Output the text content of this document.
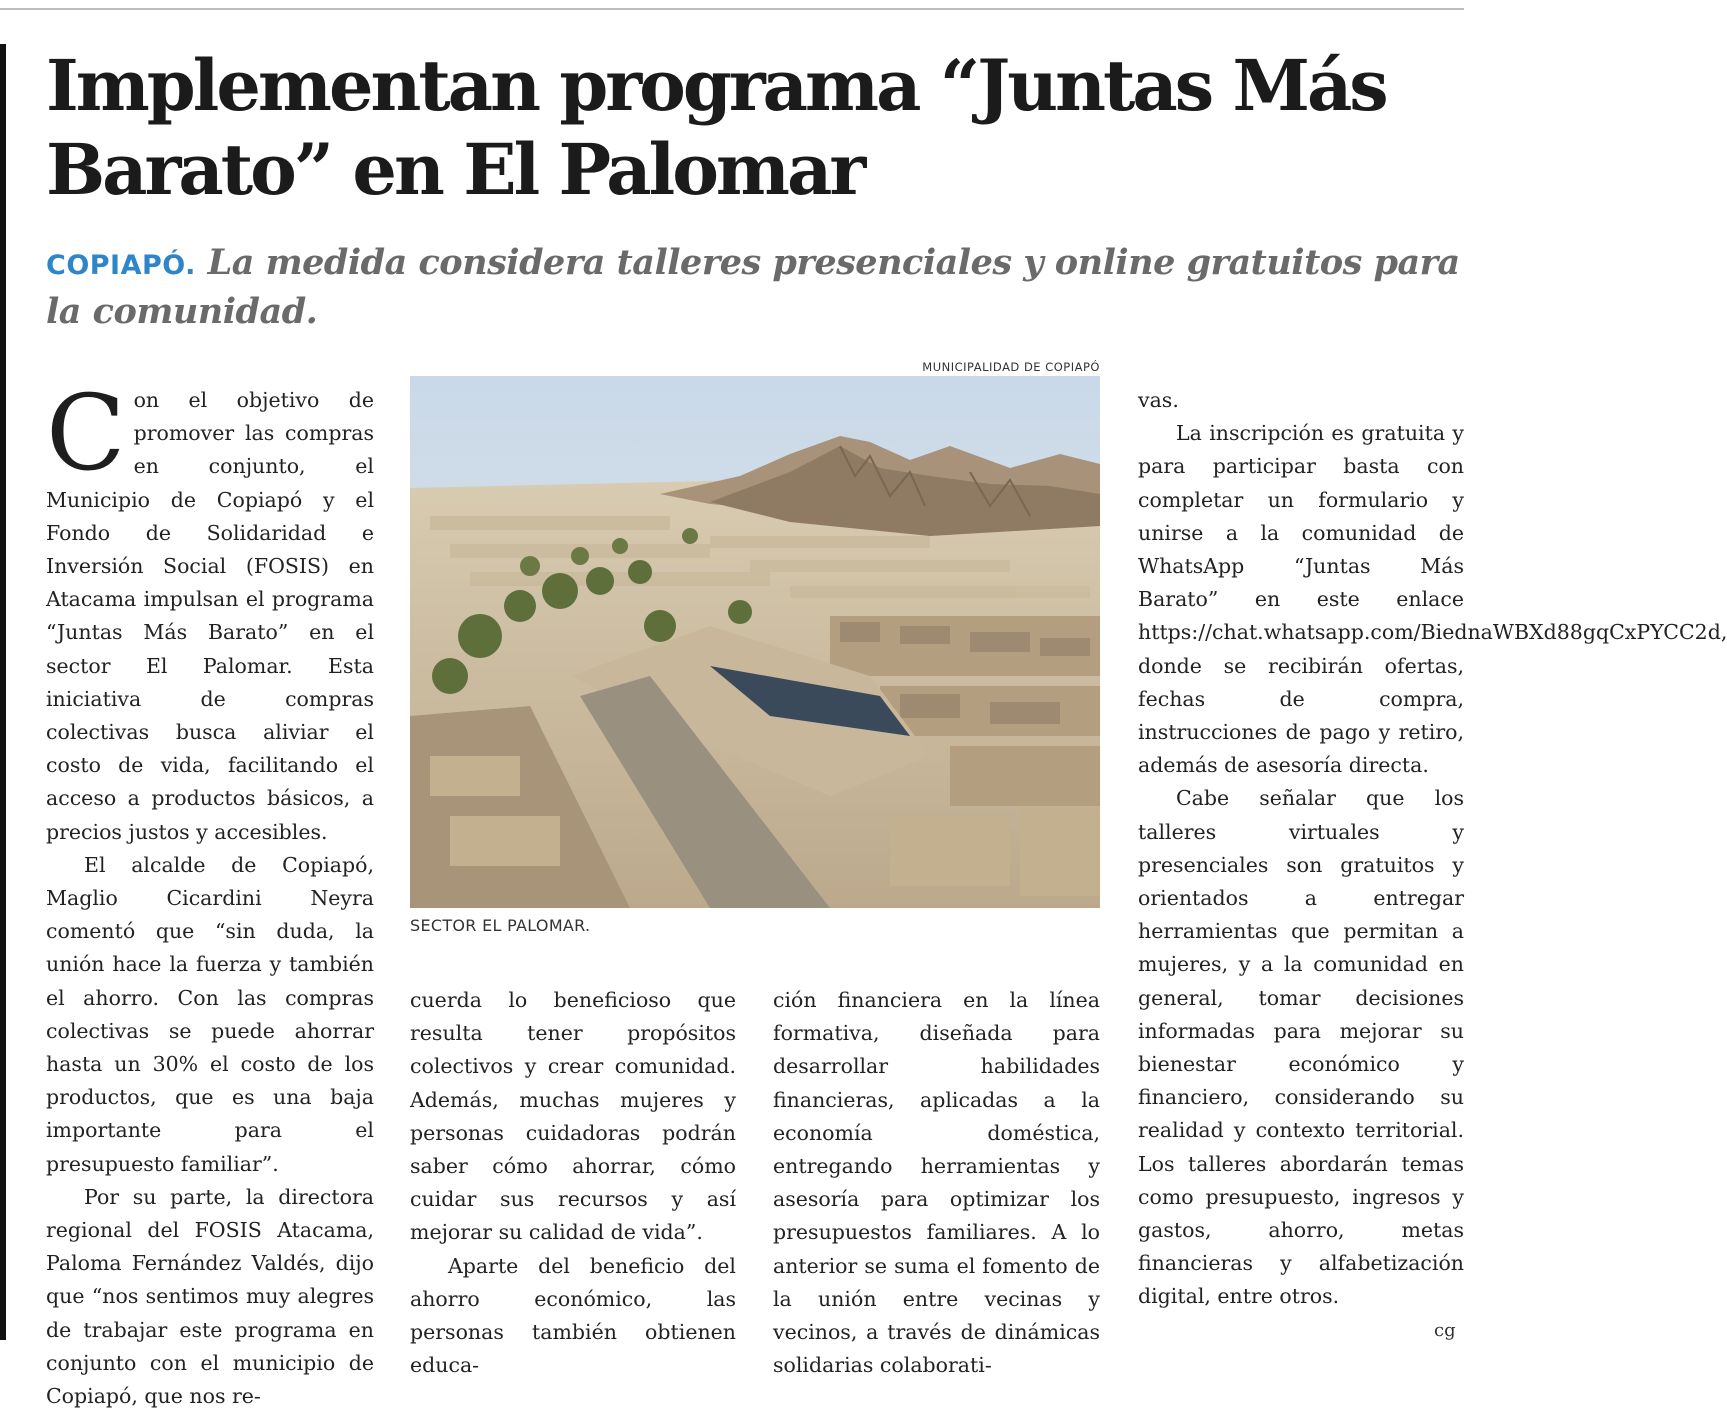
Implementan programa “Juntas Más Barato” en El Palomar

COPIAPÓ. La medida considera talleres presenciales y online gratuitos para la comunidad.

Con el objetivo de promover las compras en conjunto, el Municipio de Copiapó y el Fondo de Solidaridad e Inversión Social (FOSIS) en Atacama impulsan el programa “Juntas Más Barato” en el sector El Palomar. Esta iniciativa de compras colectivas busca aliviar el costo de vida, facilitando el acceso a productos básicos, a precios justos y accesibles.

El alcalde de Copiapó, Maglio Cicardini Neyra comentó que “sin duda, la unión hace la fuerza y también el ahorro. Con las compras colectivas se puede ahorrar hasta un 30% el costo de los productos, que es una baja importante para el presupuesto familiar”.

Por su parte, la directora regional del FOSIS Atacama, Paloma Fernández Valdés, dijo que “nos sentimos muy alegres de trabajar este programa en conjunto con el municipio de Copiapó, que nos re-

MUNICIPALIDAD DE COPIAPÓ
SECTOR EL PALOMAR.

cuerda lo beneficioso que resulta tener propósitos colectivos y crear comunidad. Además, muchas mujeres y personas cuidadoras podrán saber cómo ahorrar, cómo cuidar sus recursos y así mejorar su calidad de vida”.

Aparte del beneficio del ahorro económico, las personas también obtienen educa-

ción financiera en la línea formativa, diseñada para desarrollar habilidades financieras, aplicadas a la economía doméstica, entregando herramientas y asesoría para optimizar los presupuestos familiares. A lo anterior se suma el fomento de la unión entre vecinas y vecinos, a través de dinámicas solidarias colaborati-

vas.

La inscripción es gratuita y para participar basta con completar un formulario y unirse a la comunidad de WhatsApp “Juntas Más Barato” en este enlace https://chat.whatsapp.com/BiednaWBXd88gqCxPYCC2d, donde se recibirán ofertas, fechas de compra, instrucciones de pago y retiro, además de asesoría directa.

Cabe señalar que los talleres virtuales y presenciales son gratuitos y orientados a entregar herramientas que permitan a mujeres, y a la comunidad en general, tomar decisiones informadas para mejorar su bienestar económico y financiero, considerando su realidad y contexto territorial. Los talleres abordarán temas como presupuesto, ingresos y gastos, ahorro, metas financieras y alfabetización digital, entre otros.

cg
